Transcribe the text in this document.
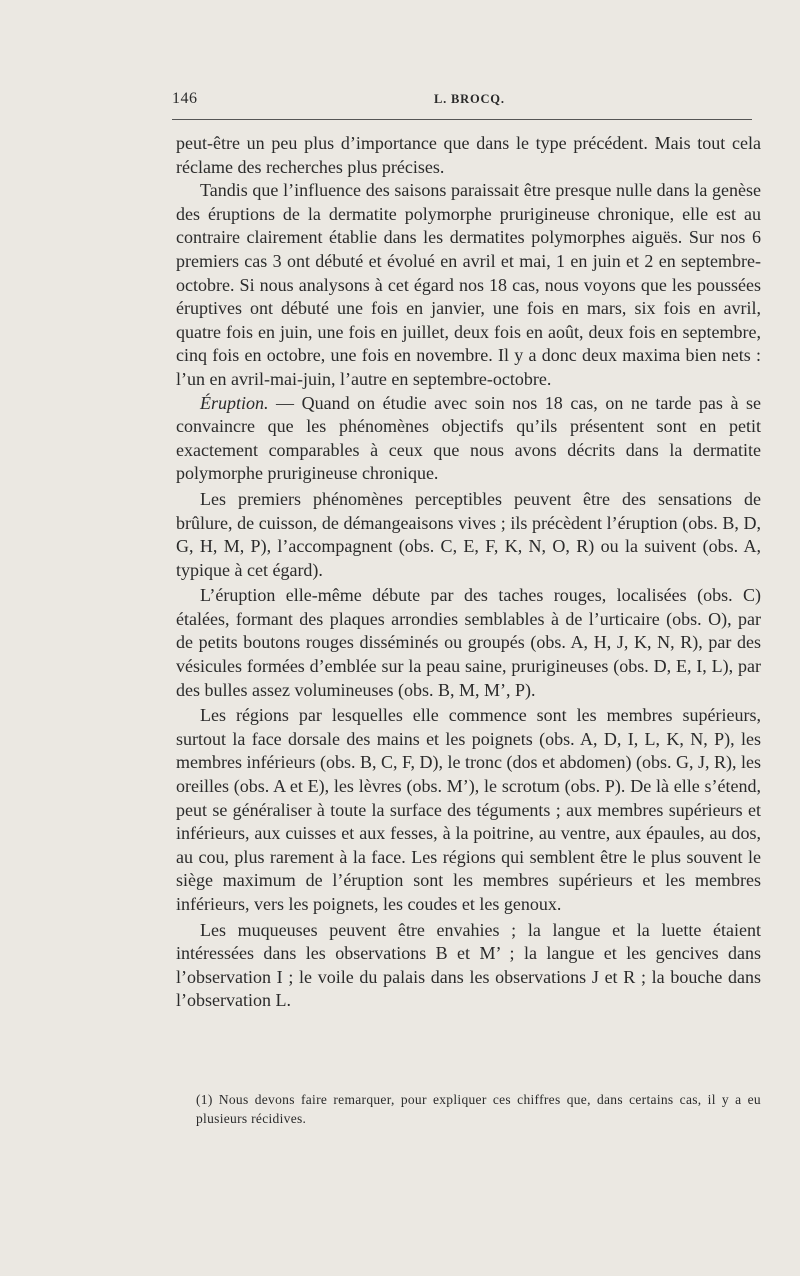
146	L. BROCQ.

peut-être un peu plus d’importance que dans le type précédent. Mais tout cela réclame des recherches plus précises.

Tandis que l’influence des saisons paraissait être presque nulle dans la genèse des éruptions de la dermatite polymorphe prurigineuse chronique, elle est au contraire clairement établie dans les dermatites polymorphes aiguës. Sur nos 6 premiers cas 3 ont débuté et évolué en avril et mai, 1 en juin et 2 en septembre-octobre. Si nous analysons à cet égard nos 18 cas, nous voyons que les poussées éruptives ont débuté une fois en janvier, une fois en mars, six fois en avril, quatre fois en juin, une fois en juillet, deux fois en août, deux fois en septembre, cinq fois en octobre, une fois en novembre. Il y a donc deux maxima bien nets : l’un en avril-mai-juin, l’autre en septembre-octobre.

Éruption. — Quand on étudie avec soin nos 18 cas, on ne tarde pas à se convaincre que les phénomènes objectifs qu’ils présentent sont en petit exactement comparables à ceux que nous avons décrits dans la dermatite polymorphe prurigineuse chronique.

Les premiers phénomènes perceptibles peuvent être des sensations de brûlure, de cuisson, de démangeaisons vives ; ils précèdent l’éruption (obs. B, D, G, H, M, P), l’accompagnent (obs. C, E, F, K, N, O, R) ou la suivent (obs. A, typique à cet égard).

L’éruption elle-même débute par des taches rouges, localisées (obs. C) étalées, formant des plaques arrondies semblables à de l’urticaire (obs. O), par de petits boutons rouges disséminés ou groupés (obs. A, H, J, K, N, R), par des vésicules formées d’emblée sur la peau saine, prurigineuses (obs. D, E, I, L), par des bulles assez volumineuses (obs. B, M, M’, P).

Les régions par lesquelles elle commence sont les membres supérieurs, surtout la face dorsale des mains et les poignets (obs. A, D, I, L, K, N, P), les membres inférieurs (obs. B, C, F, D), le tronc (dos et abdomen) (obs. G, J, R), les oreilles (obs. A et E), les lèvres (obs. M’), le scrotum (obs. P). De là elle s’étend, peut se généraliser à toute la surface des téguments ; aux membres supérieurs et inférieurs, aux cuisses et aux fesses, à la poitrine, au ventre, aux épaules, au dos, au cou, plus rarement à la face. Les régions qui semblent être le plus souvent le siège maximum de l’éruption sont les membres supérieurs et les membres inférieurs, vers les poignets, les coudes et les genoux.

Les muqueuses peuvent être envahies ; la langue et la luette étaient intéressées dans les observations B et M’ ; la langue et les gencives dans l’observation I ; le voile du palais dans les observations J et R ; la bouche dans l’observation L.

(1) Nous devons faire remarquer, pour expliquer ces chiffres que, dans certains cas, il y a eu plusieurs récidives.
